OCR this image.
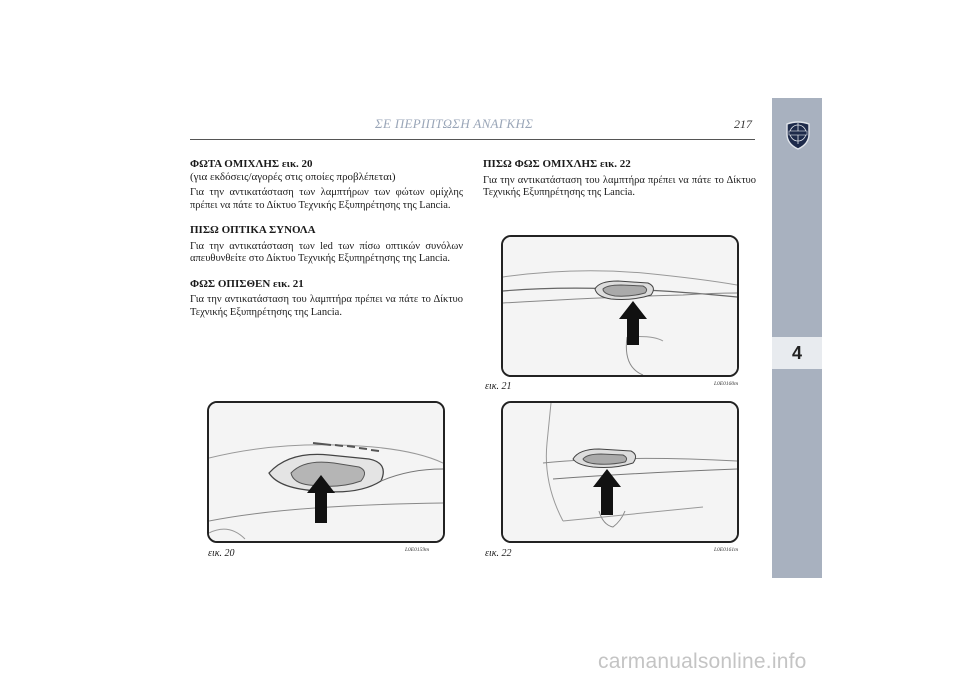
ΣΕ ΠΕΡΙΠΤΩΣΗ ΑΝΑΓΚΗΣ	217
4

ΦΩΤΑ ΟΜΙΧΛΗΣ εικ. 20

(για εκδόσεις/αγορές στις οποίες προβλέπεται)

Για την αντικατάσταση των λαμπτήρων των φώτων ομίχλης πρέπει να πάτε το Δίκτυο Τεχνικής Εξυπηρέτησης της Lancia.

ΠΙΣΩ ΟΠΤΙΚΑ ΣΥΝΟΛΑ

Για την αντικατάσταση των led των πίσω οπτικών συνόλων απευθυνθείτε στο Δίκτυο Τεχνικής Εξυπηρέτησης της Lancia.

ΦΩΣ ΟΠΙΣΘΕΝ εικ. 21

Για την αντικατάσταση του λαμπτήρα πρέπει να πάτε το Δίκτυο Τεχνικής Εξυπηρέτησης της Lancia.

ΠΙΣΩ ΦΩΣ ΟΜΙΧΛΗΣ εικ. 22

Για την αντικατάσταση του λαμπτήρα πρέπει να πάτε το Δίκτυο Τεχνικής Εξυπηρέτησης της Lancia.

εικ. 20	L0E0159m
εικ. 21	L0E0160m
εικ. 22	L0E0161m
carmanualsonline.info
